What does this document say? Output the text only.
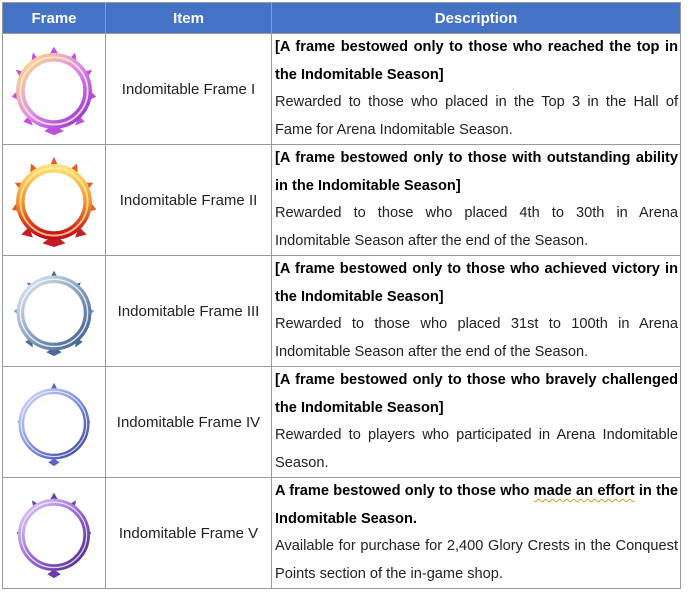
Frame	Item	Description

	Indomitable Frame I	[A frame bestowed only to those who reached the top in the Indomitable Season]
Rewarded to those who placed in the Top 3 in the Hall of Fame for Arena Indomitable Season.

	Indomitable Frame II	[A frame bestowed only to those with outstanding ability in the Indomitable Season]
Rewarded to those who placed 4th to 30th in Arena Indomitable Season after the end of the Season.

	Indomitable Frame III	[A frame bestowed only to those who achieved victory in the Indomitable Season]
Rewarded to those who placed 31st to 100th in Arena Indomitable Season after the end of the Season.

	Indomitable Frame IV	[A frame bestowed only to those who bravely challenged the Indomitable Season]
Rewarded to players who participated in Arena Indomitable Season.

	Indomitable Frame V	A frame bestowed only to those who made an effort in the Indomitable Season.
Available for purchase for 2,400 Glory Crests in the Conquest Points section of the in-game shop.
